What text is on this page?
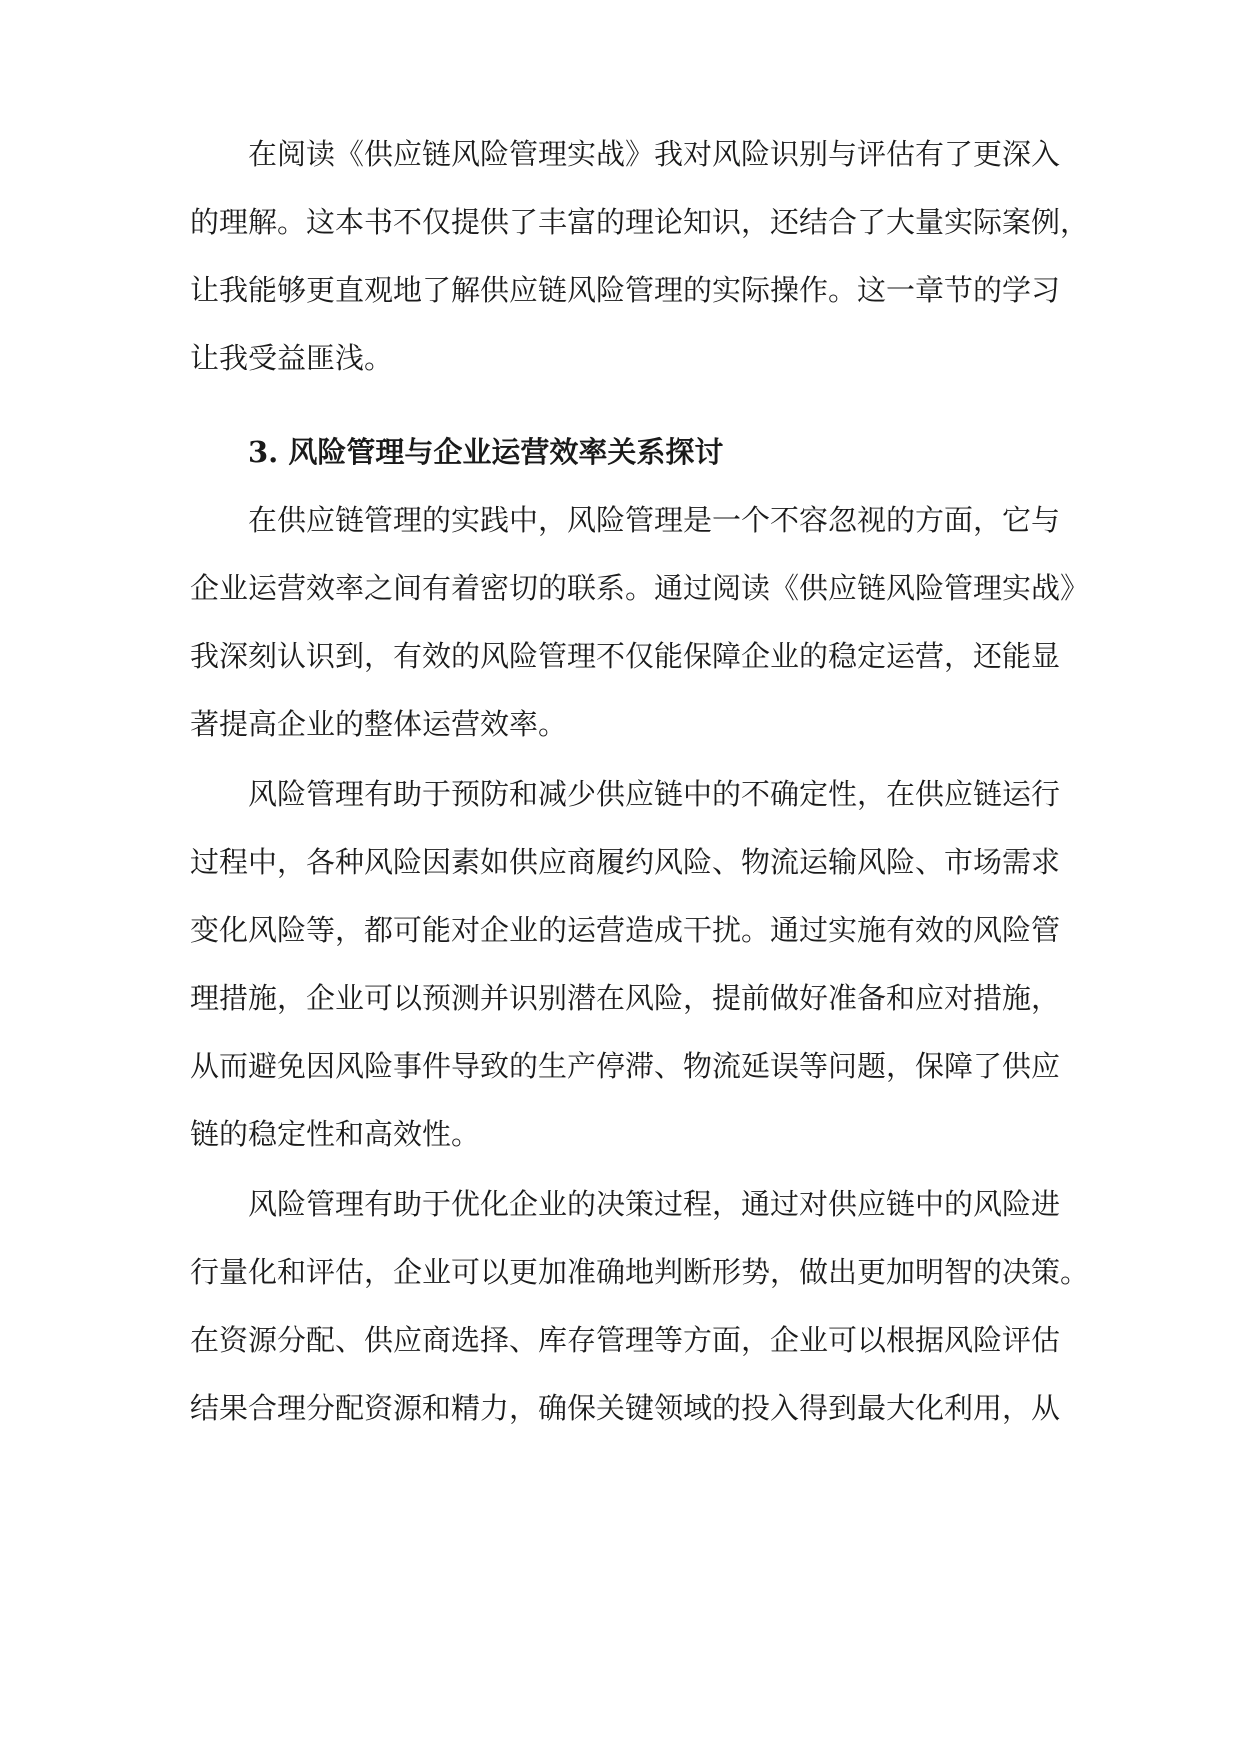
在阅读《供应链风险管理实战》我对风险识别与评估有了更深入
的理解。这本书不仅提供了丰富的理论知识，还结合了大量实际案例，
让我能够更直观地了解供应链风险管理的实际操作。这一章节的学习
让我受益匪浅。
3. 风险管理与企业运营效率关系探讨
在供应链管理的实践中，风险管理是一个不容忽视的方面，它与
企业运营效率之间有着密切的联系。通过阅读《供应链风险管理实战》
我深刻认识到，有效的风险管理不仅能保障企业的稳定运营，还能显
著提高企业的整体运营效率。
风险管理有助于预防和减少供应链中的不确定性，在供应链运行
过程中，各种风险因素如供应商履约风险、物流运输风险、市场需求
变化风险等，都可能对企业的运营造成干扰。通过实施有效的风险管
理措施，企业可以预测并识别潜在风险，提前做好准备和应对措施，
从而避免因风险事件导致的生产停滞、物流延误等问题，保障了供应
链的稳定性和高效性。
风险管理有助于优化企业的决策过程，通过对供应链中的风险进
行量化和评估，企业可以更加准确地判断形势，做出更加明智的决策。
在资源分配、供应商选择、库存管理等方面，企业可以根据风险评估
结果合理分配资源和精力，确保关键领域的投入得到最大化利用，从
